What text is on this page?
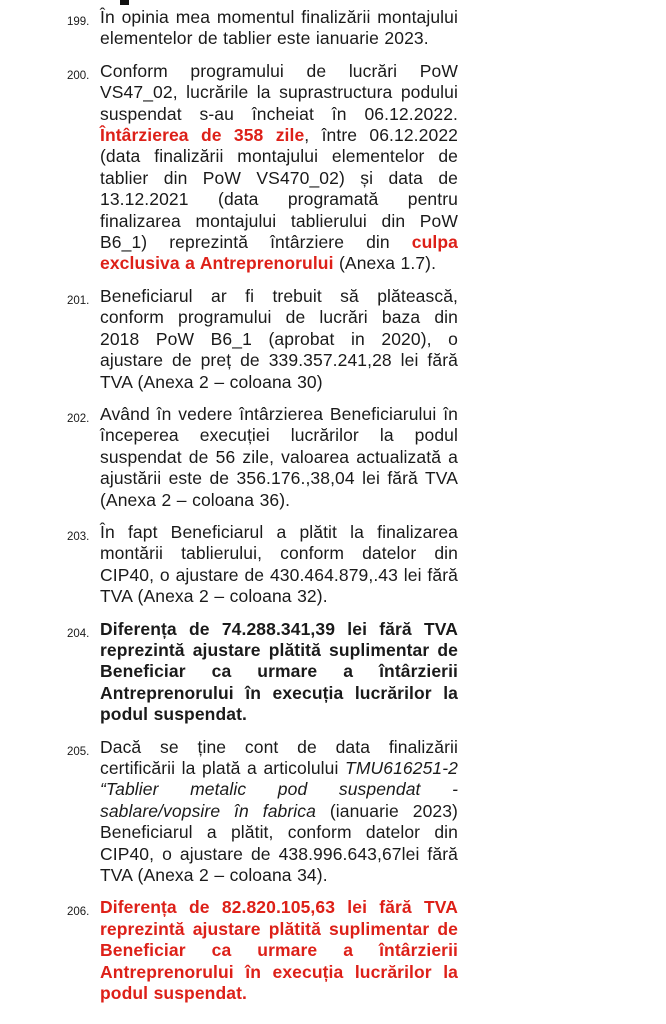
199. În opinia mea momentul finalizării montajului elementelor de tablier este ianuarie 2023.
200. Conform programului de lucrări PoW VS47_02, lucrările la suprastructura podului suspendat s-au încheiat în 06.12.2022. Întârzierea de 358 zile, între 06.12.2022 (data finalizării montajului elementelor de tablier din PoW VS470_02) și data de 13.12.2021 (data programată pentru finalizarea montajului tablierului din PoW B6_1) reprezintă întârziere din culpa exclusiva a Antreprenorului (Anexa 1.7).
201. Beneficiarul ar fi trebuit să plătească, conform programului de lucrări baza din 2018 PoW B6_1 (aprobat in 2020), o ajustare de preț de 339.357.241,28 lei fără TVA (Anexa 2 – coloana 30)
202. Având în vedere întârzierea Beneficiarului în începerea execuției lucrărilor la podul suspendat de 56 zile, valoarea actualizată a ajustării este de 356.176.,38,04 lei fără TVA (Anexa 2 – coloana 36).
203. În fapt Beneficiarul a plătit la finalizarea montării tablierului, conform datelor din CIP40, o ajustare de 430.464.879,.43 lei fără TVA (Anexa 2 – coloana 32).
204. Diferența de 74.288.341,39 lei fără TVA reprezintă ajustare plătită suplimentar de Beneficiar ca urmare a întârzierii Antreprenorului în execuția lucrărilor la podul suspendat.
205. Dacă se ține cont de data finalizării certificării la plată a articolului TMU616251-2 “Tablier metalic pod suspendat - sablare/vopsire în fabrica (ianuarie 2023) Beneficiarul a plătit, conform datelor din CIP40, o ajustare de 438.996.643,67lei fără TVA (Anexa 2 – coloana 34).
206. Diferența de 82.820.105,63 lei fără TVA reprezintă ajustare plătită suplimentar de Beneficiar ca urmare a întârzierii Antreprenorului în execuția lucrărilor la podul suspendat.
